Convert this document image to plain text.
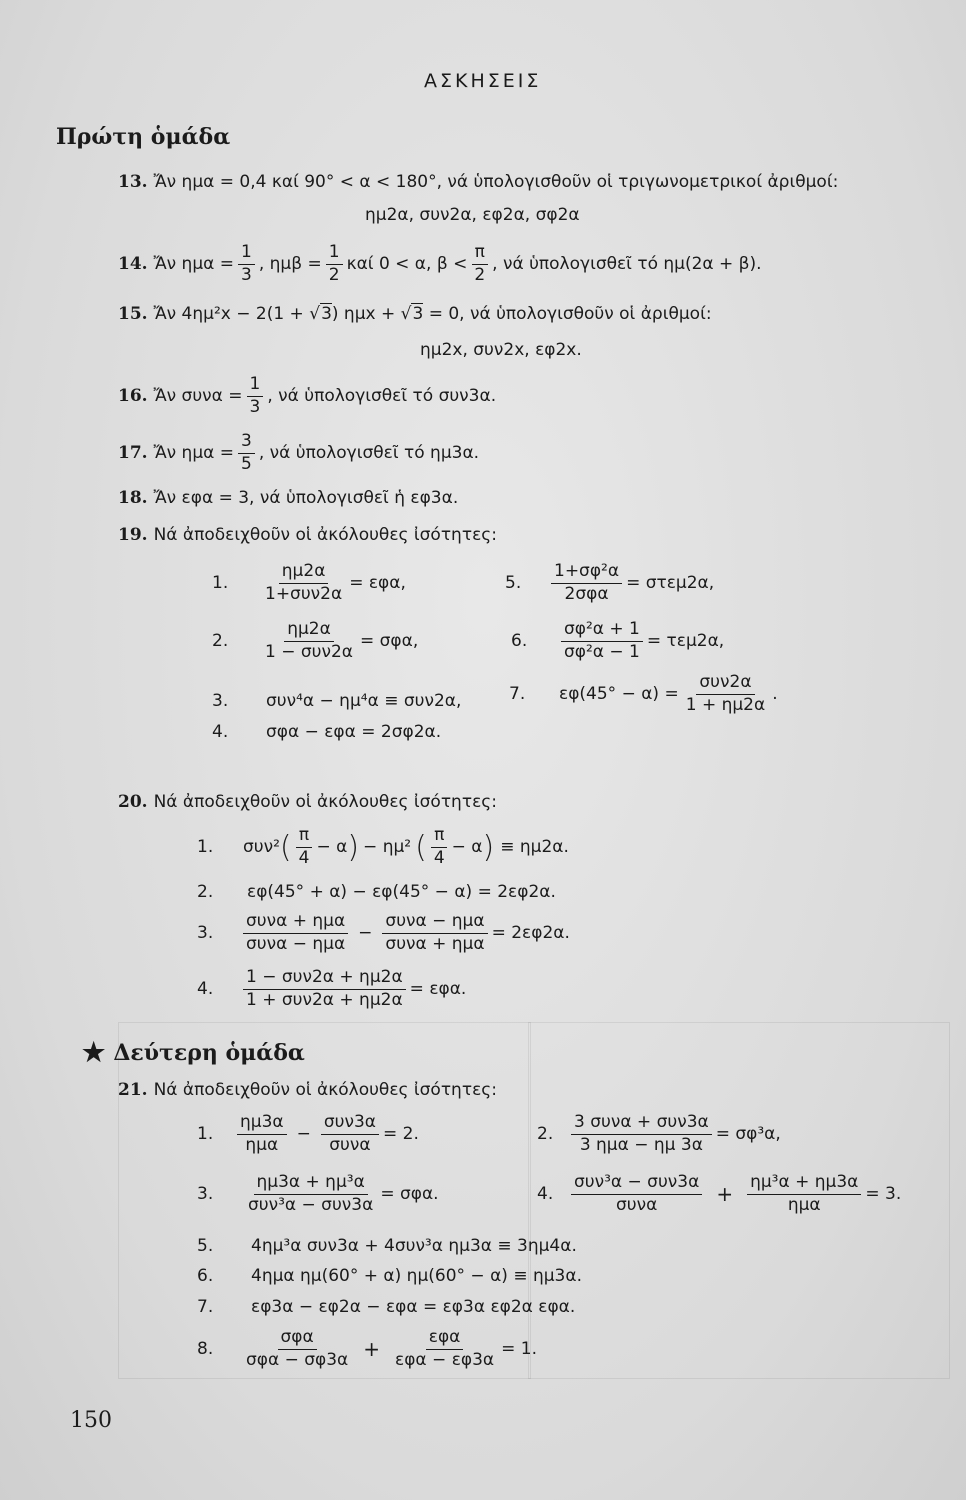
ΑΣΚΗΣΕΙΣ
Πρώτη ὁμάδα
13. Ἄν ημα = 0,4 καί 90° < α < 180°, νά ὑπολογισθοῦν οἱ τριγωνομετρικοί ἀριθμοί:
ημ2α, συν2α, εφ2α, σφ2α
14. Ἄν $\eta\mu\alpha = \frac{1}{3}$ , $\eta\mu\beta = \frac{1}{2}$ καί 0 < α, $\beta < \frac{\pi}{2}$ , νά ὑπολογισθεῖ τό ημ(2α + β).
15. Ἄν 4ημ²x − 2(1 + √3 ) ημx + √3 = 0, νά ὑπολογισθοῦν οἱ ἀριθμοί:
ημ2x, συν2x, εφ2x.
16. Ἄν $\sigma\upsilon\nu\alpha = \frac{1}{3}$ , νά ὑπολογισθεῖ τό συν3α.
17. Ἄν $\eta\mu\alpha = \frac{3}{5}$ , νά ὑπολογισθεῖ τό ημ3α.
18. Ἄν εφα = 3, νά ὑπολογισθεῖ ἡ εφ3α.
19. Νά ἀποδειχθοῦν οἱ ἀκόλουθες ἰσότητες:
1.	$\frac{\eta\mu 2\alpha}{\text{1+συν2α}} = \varepsilon\varphi\alpha$,
2.	$\frac{\eta\mu 2\alpha}{\text{1 − συν2α}} = \sigma\varphi\alpha$,
3.	συν⁴α − ημ⁴α ≡ συν2α,
4.	σφα − εφα = 2σφ2α.
5.	$\frac{\text{1+σφ²α}}{\text{2σφα}} = \sigma\tau\varepsilon\mu 2\alpha$,
6.	$\frac{\text{σφ²α + 1}}{\text{σφ²α − 1}} = \tau\varepsilon\mu 2\alpha$,
7.	$\varepsilon\varphi(45^\circ - \alpha) = \frac{\text{συν2α}}{1 + \eta\mu 2\alpha}$ .
20. Νά ἀποδειχθοῦν οἱ ἀκόλουθες ἰσότητες:
1.	συν² ( $\frac{\pi}{4} - \alpha$ ) − ημ² ( $\frac{\pi}{4} - \alpha$ ) ≡ ημ2α.
2.	εφ(45° + α) − εφ(45° − α) = 2εφ2α.
3.	$\frac{\text{συνα + ημα}}{\text{συνα − ημα}} - \frac{\text{συνα − ημα}}{\text{συνα + ημα}} = 2\varepsilon\varphi 2\alpha$.
4.	$\frac{\text{1 − συν2α + ημ2α}}{\text{1 + συν2α + ημ2α}} = \varepsilon\varphi\alpha$.
★ Δεύτερη ὁμάδα
21. Νά ἀποδειχθοῦν οἱ ἀκόλουθες ἰσότητες:
1.	$\frac{\eta\mu 3\alpha}{\text{ημα}} - \frac{\text{συν3α}}{\text{συνα}} = 2$.	2.	$\frac{\text{3 συνα + συν3α}}{\text{3 ημα − ημ 3α}} = \sigma\varphi^3\alpha$,
3.	$\frac{\text{ημ3α + ημ³α}}{\text{συν³α − συν3α}} = \sigma\varphi\alpha$.	4.	$\frac{\text{συν³α − συν3α}}{\text{συνα}} + \frac{\text{ημ³α + ημ3α}}{\text{ημα}} = 3$.
5.	4ημ³α συν3α + 4συν³α ημ3α ≡ 3ημ4α.
6.	4ημα ημ(60° + α) ημ(60° − α) ≡ ημ3α.
7.	εφ3α − εφ2α − εφα = εφ3α εφ2α εφα.
8.	$\frac{\text{σφα}}{\text{σφα − σφ3α}} + \frac{\text{εφα}}{\text{εφα − εφ3α}} = 1$.
150
